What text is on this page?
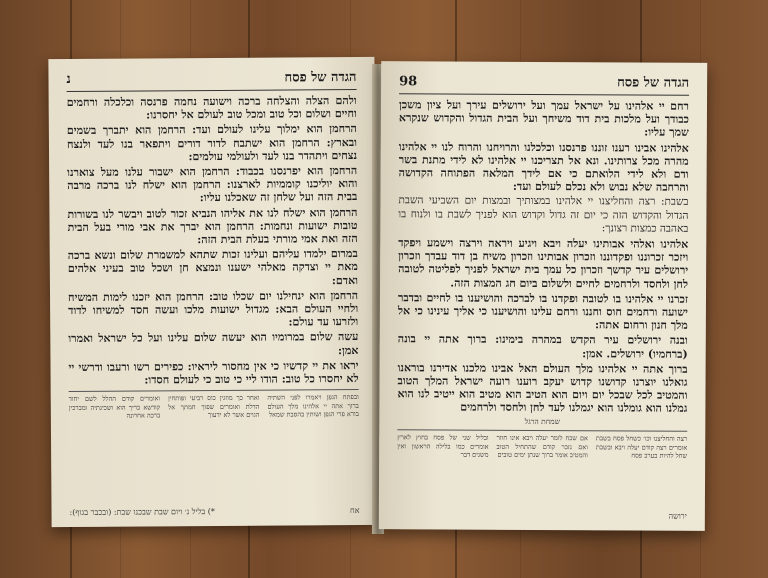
הגדה של פסח
נ

ולהם הצלה והצלחה ברכה וישועה נחמה פרנסה וכלכלה ורחמים וחיים ושלום וכל טוב ומכל טוב לעולם אל יחסרנו:

הרחמן הוא ימלוך עלינו לעולם ועד: הרחמן הוא יתברך בשמים ובארץ: הרחמן הוא ישתבח לדור דורים ויתפאר בנו לעד ולנצח נצחים ויתהדר בנו לעד ולעולמי עולמים:

הרחמן הוא יפרנסנו בכבוד: הרחמן הוא ישבור עלנו מעל צוארנו והוא יוליכנו קוממיות לארצנו: הרחמן הוא ישלח לנו ברכה מרבה בבית הזה ועל שלחן זה שאכלנו עליו:

הרחמן הוא ישלח לנו את אליהו הנביא זכור לטוב ויבשר לנו בשורות טובות ישועות ונחמות: הרחמן הוא יברך את אבי מורי בעל הבית הזה ואת אמי מורתי בעלת הבית הזה:

במרום ילמדו עליהם ועלינו זכות שתהא למשמרת שלום ונשא ברכה מאת יי וצדקה מאלהי ישענו ונמצא חן ושכל טוב בעיני אלהים ואדם:

הרחמן הוא ינחילנו יום שכלו טוב: הרחמן הוא יזכנו לימות המשיח ולחיי העולם הבא: מגדול ישועות מלכו ועשה חסד למשיחו לדוד ולזרעו עד עולם:

עשה שלום במרומיו הוא יעשה שלום עלינו ועל כל ישראל ואמרו אמן:

יראו את יי קדשיו כי אין מחסור ליראיו: כפירים רשו ורעבו ודרשי יי לא יחסרו כל טוב: הודו ליי כי טוב כי לעולם חסדו:

ובפתח הגפן ויאמרו לפני השתיה ברוך אתה יי אלהינו מלך העולם בורא פרי הגפן ושותין בהסבת שמאל
ואחר כך מוזגין כוס רביעי ופותחין הדלת ואומרים שפוך חמתך אל הגוים אשר לא ידעוך
ואומרים קודם ההלל לשם יחוד קודשא בריך הוא ושכינתיה ומברכין ברכה אחרונה
אח
*) בליל נ׳ ויום שבת שבכנו שבת: (ובכבר בגוף):
הגדה של פסח
98

רחם יי אלהינו על ישראל עמך ועל ירושלים עירך ועל ציון משכן כבודך ועל מלכות בית דוד משיחך ועל הבית הגדול והקדוש שנקרא שמך עליו:

אלהינו אבינו רענו זוננו פרנסנו וכלכלנו והרויחנו והרוח לנו יי אלהינו מהרה מכל צרותינו. ונא אל תצריכנו יי אלהינו לא לידי מתנת בשר ודם ולא לידי הלואתם כי אם לידך המלאה הפתוחה הקדושה והרחבה שלא נבוש ולא נכלם לעולם ועד:

בשבת: רצה והחליצנו יי אלהינו במצותיך ובמצות יום השביעי השבת הגדול והקדוש הזה כי יום זה גדול וקדוש הוא לפניך לשבת בו ולנוח בו באהבה כמצות רצונך:

אלהינו ואלהי אבותינו יעלה ויבא ויגיע ויראה וירצה וישמע ויפקד ויזכר זכרוננו ופקדוננו וזכרון אבותינו וזכרון משיח בן דוד עבדך וזכרון ירושלים עיר קדשך וזכרון כל עמך בית ישראל לפניך לפליטה לטובה לחן ולחסד ולרחמים לחיים ולשלום ביום חג המצות הזה.

זכרנו יי אלהינו בו לטובה ופקדנו בו לברכה והושיענו בו לחיים ובדבר ישועה ורחמים חוס וחננו ורחם עלינו והושיענו כי אליך עינינו כי אל מלך חנון ורחום אתה:

ובנה ירושלים עיר הקדש במהרה בימינו: ברוך אתה יי בונה (ברחמיו) ירושלים. אמן:

ברוך אתה יי אלהינו מלך העולם האל אבינו מלכנו אדירנו בוראנו גואלנו יוצרנו קדושנו קדוש יעקב רוענו רועה ישראל המלך הטוב והמטיב לכל שבכל יום ויום הוא הטיב הוא מטיב הוא ייטיב לנו הוא גמלנו הוא גומלנו הוא יגמלנו לעד לחן ולחסד ולרחמים

שמחת הרגל
רצה והחליצנו וכו׳ כשחל פסח בשבת אומרים רצה קודם יעלה ויבא ובשבת שחל להיות בערב פסח
אם שכח לומר יעלה ויבא אינו חוזר ואם נזכר קודם שהתחיל הטוב והמטיב אומר ברוך שנתן ימים טובים
ובליל שני של פסח בחוץ לארץ אומרים כמו בלילה הראשון ואין משנים דבר
ירושה
